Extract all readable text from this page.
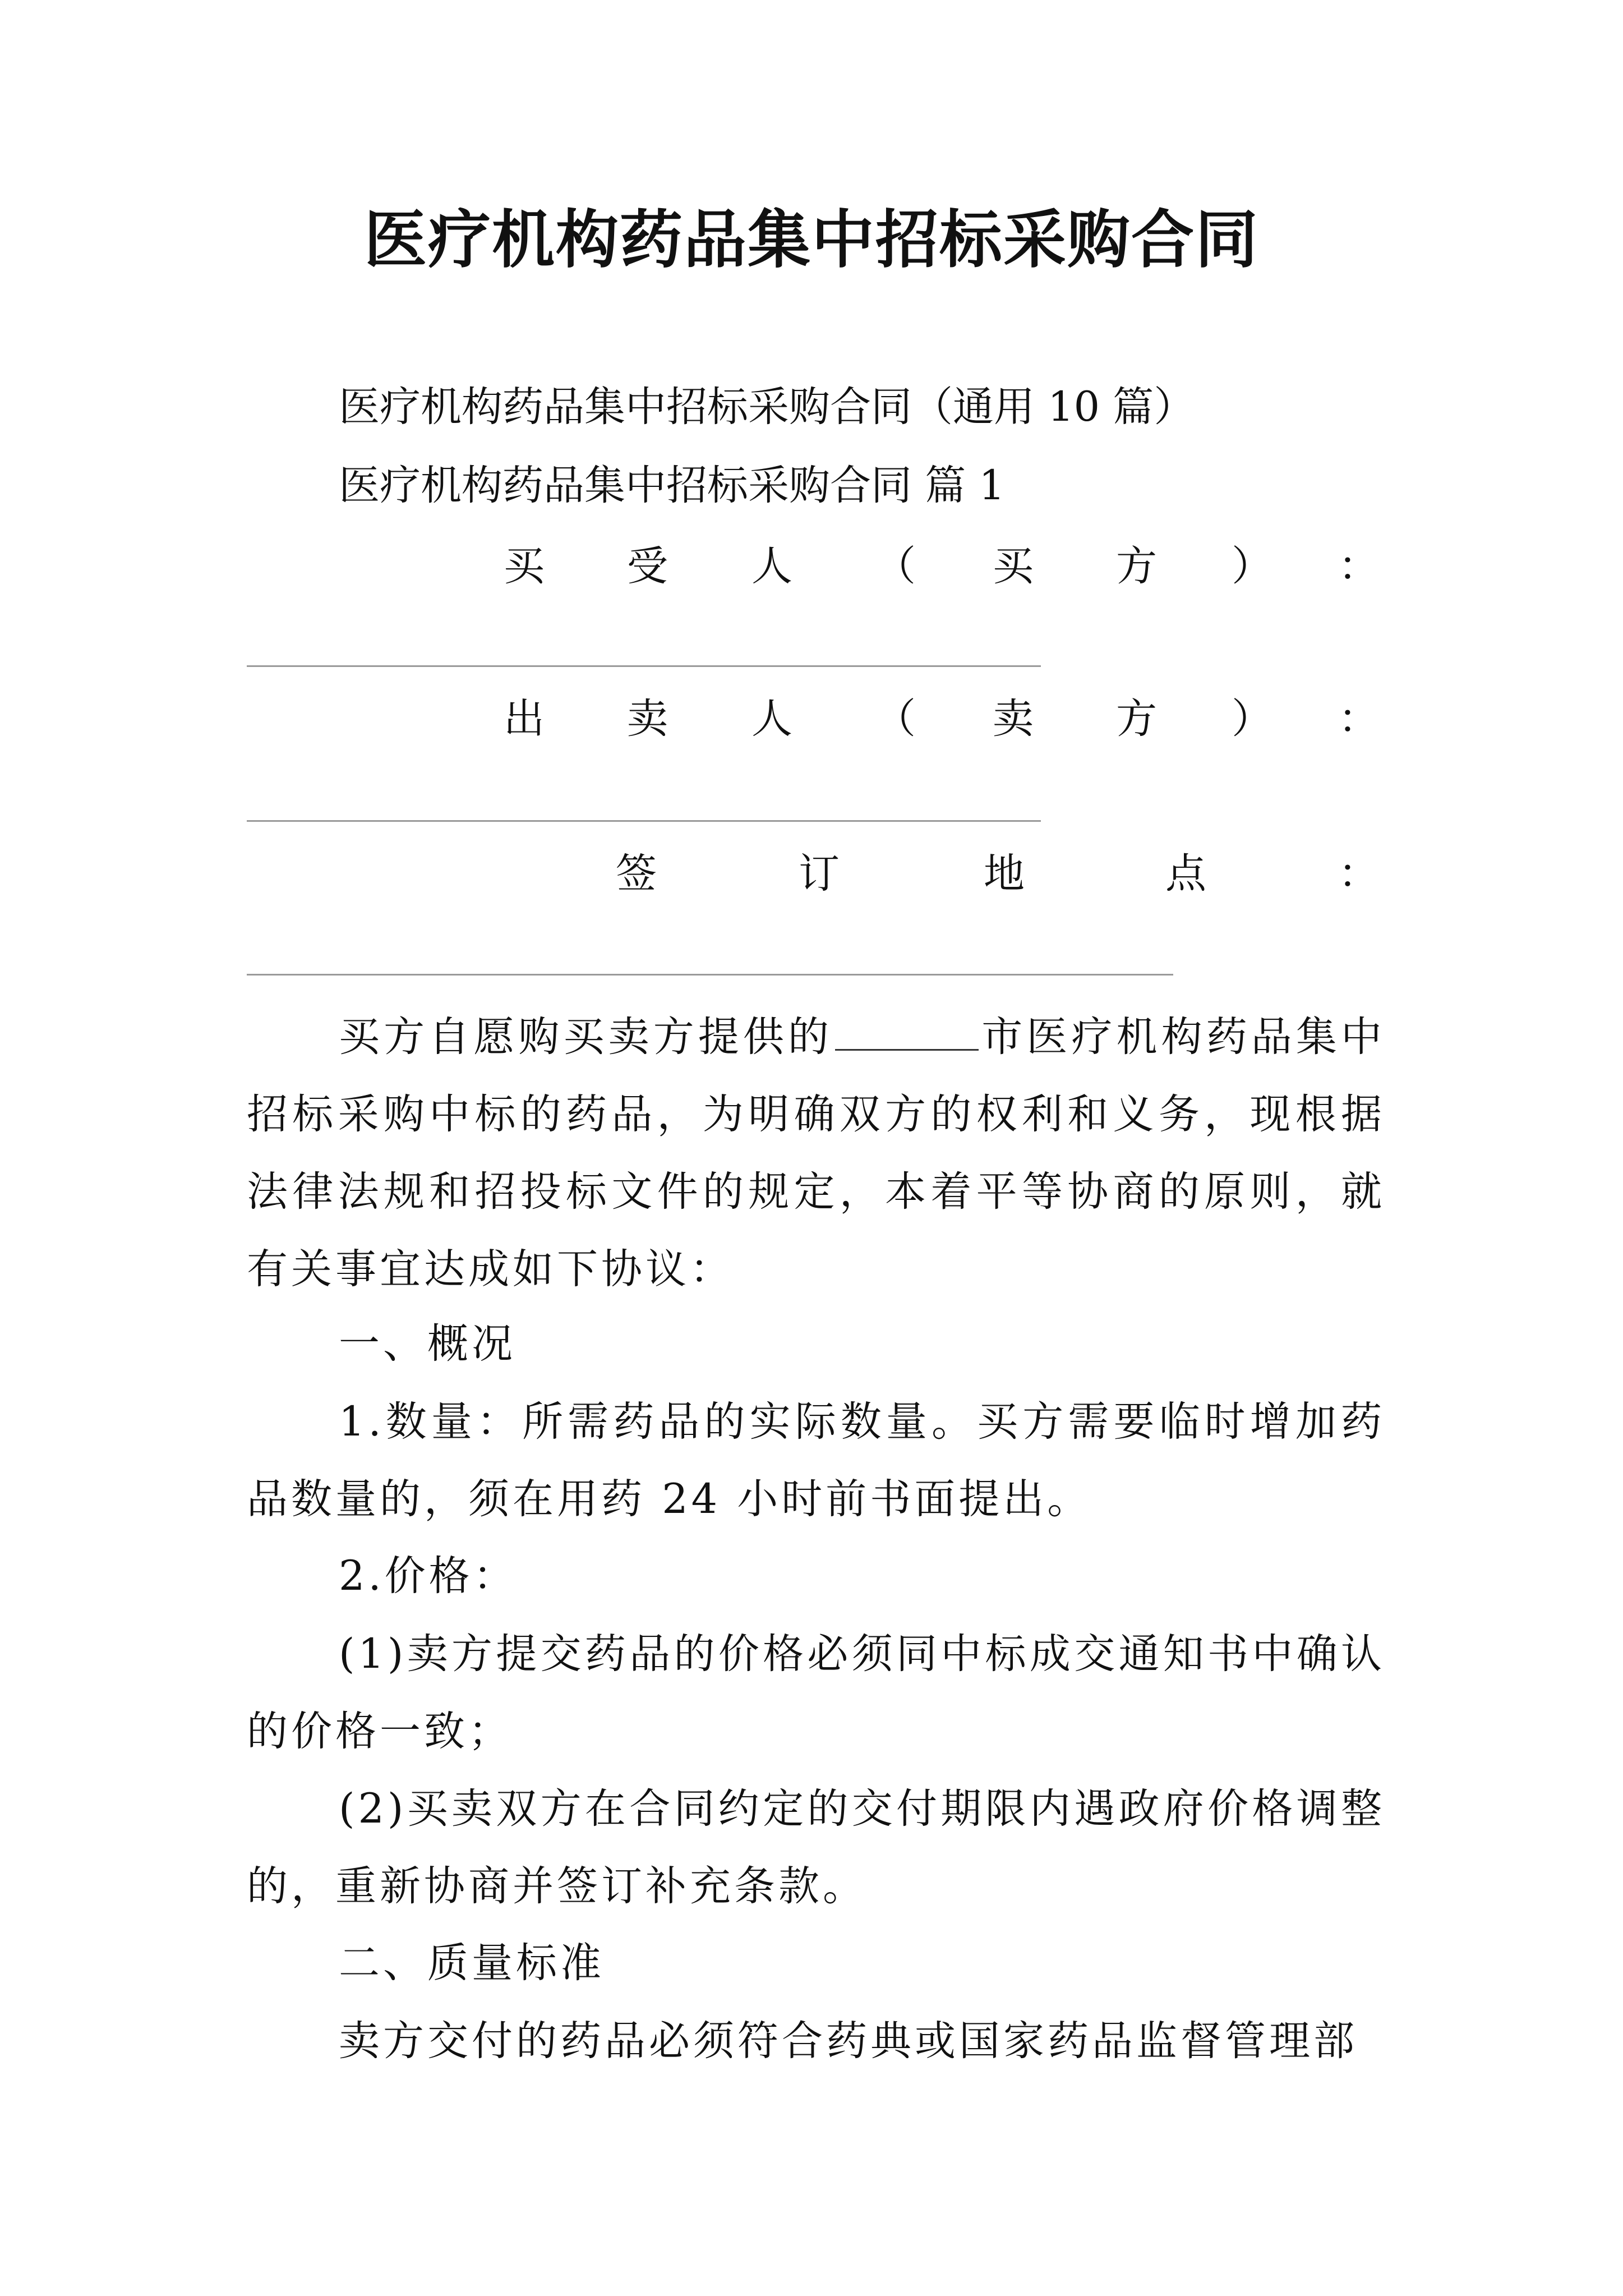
医疗机构药品集中招标采购合同
医疗机构药品集中招标采购合同（通用 10 篇）
医疗机构药品集中招标采购合同 篇 1
买 受 人 （ 买 方 ） ：
出 卖 人 （ 卖 方 ） ：
签	订	地	点	：

买方自愿购买卖方提供的	市医疗机构药品集中招标采购中标的药品，为明确双方的权利和义务，现根据法律法规和招投标文件的规定，本着平等协商的原则，就有关事宜达成如下协议：

一、概况

1.数量：所需药品的实际数量。买方需要临时增加药品数量的，须在用药 24 小时前书面提出。

2.价格：

(1)卖方提交药品的价格必须同中标成交通知书中确认的价格一致；

(2)买卖双方在合同约定的交付期限内遇政府价格调整的，重新协商并签订补充条款。

二、质量标准

卖方交付的药品必须符合药典或国家药品监督管理部
